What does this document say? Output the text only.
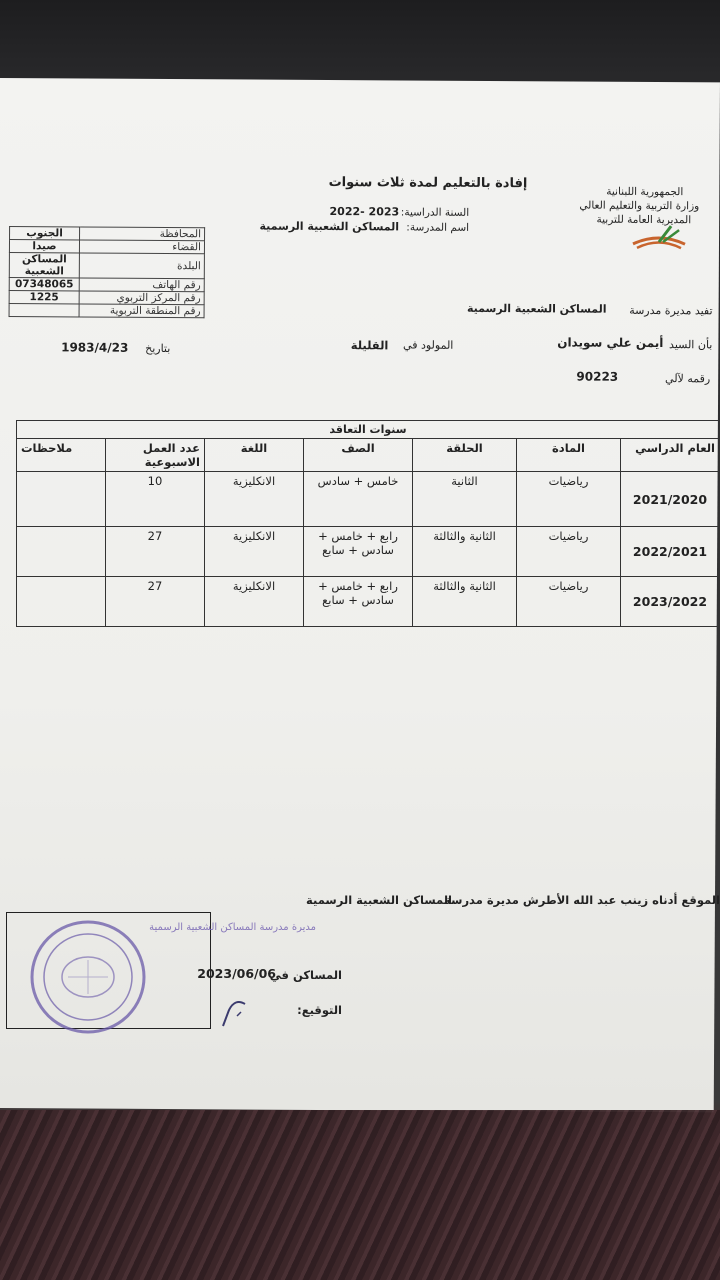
الجنوب	المحافظة
صيدا	القضاء
المساكن الشعبية	البلدة
07348065	رقم الهاتف
1225	رقم المركز التربوي
	رقم المنطقة التربوية
الجمهورية اللبنانية
وزارة التربية والتعليم العالي
المديرية العامة للتربية
إفادة بالتعليم لمدة ثلاث سنوات
السنة الدراسية:
2022- 2023
اسم المدرسة:
المساكن الشعبية الرسمية
تفيد مديرة مدرسة
المساكن الشعبية الرسمية
بأن السيد
أيمن علي سويدان
المولود في
القليلة
بتاريخ
1983/4/23
رقمه لآلي
90223
سنوات التعاقد						
العام الدراسي	المادة	الحلقة	الصف	اللغة	عدد العمل الاسبوعية	ملاحظات
2021/2020	رياضيات	الثانية	خامس + سادس	الانكليزية	10	
2022/2021	رياضيات	الثانية والثالثة	رابع + خامس + سادس + سابع	الانكليزية	27	
2023/2022	رياضيات	الثانية والثالثة	رابع + خامس + سادس + سابع	الانكليزية	27	
الموقع أدناه زينب عبد الله الأطرش مديرة مدرسة
المساكن الشعبية الرسمية
مديرة مدرسة المساكن الشعبية الرسمية
المساكن في
2023/06/06
التوقيع:
